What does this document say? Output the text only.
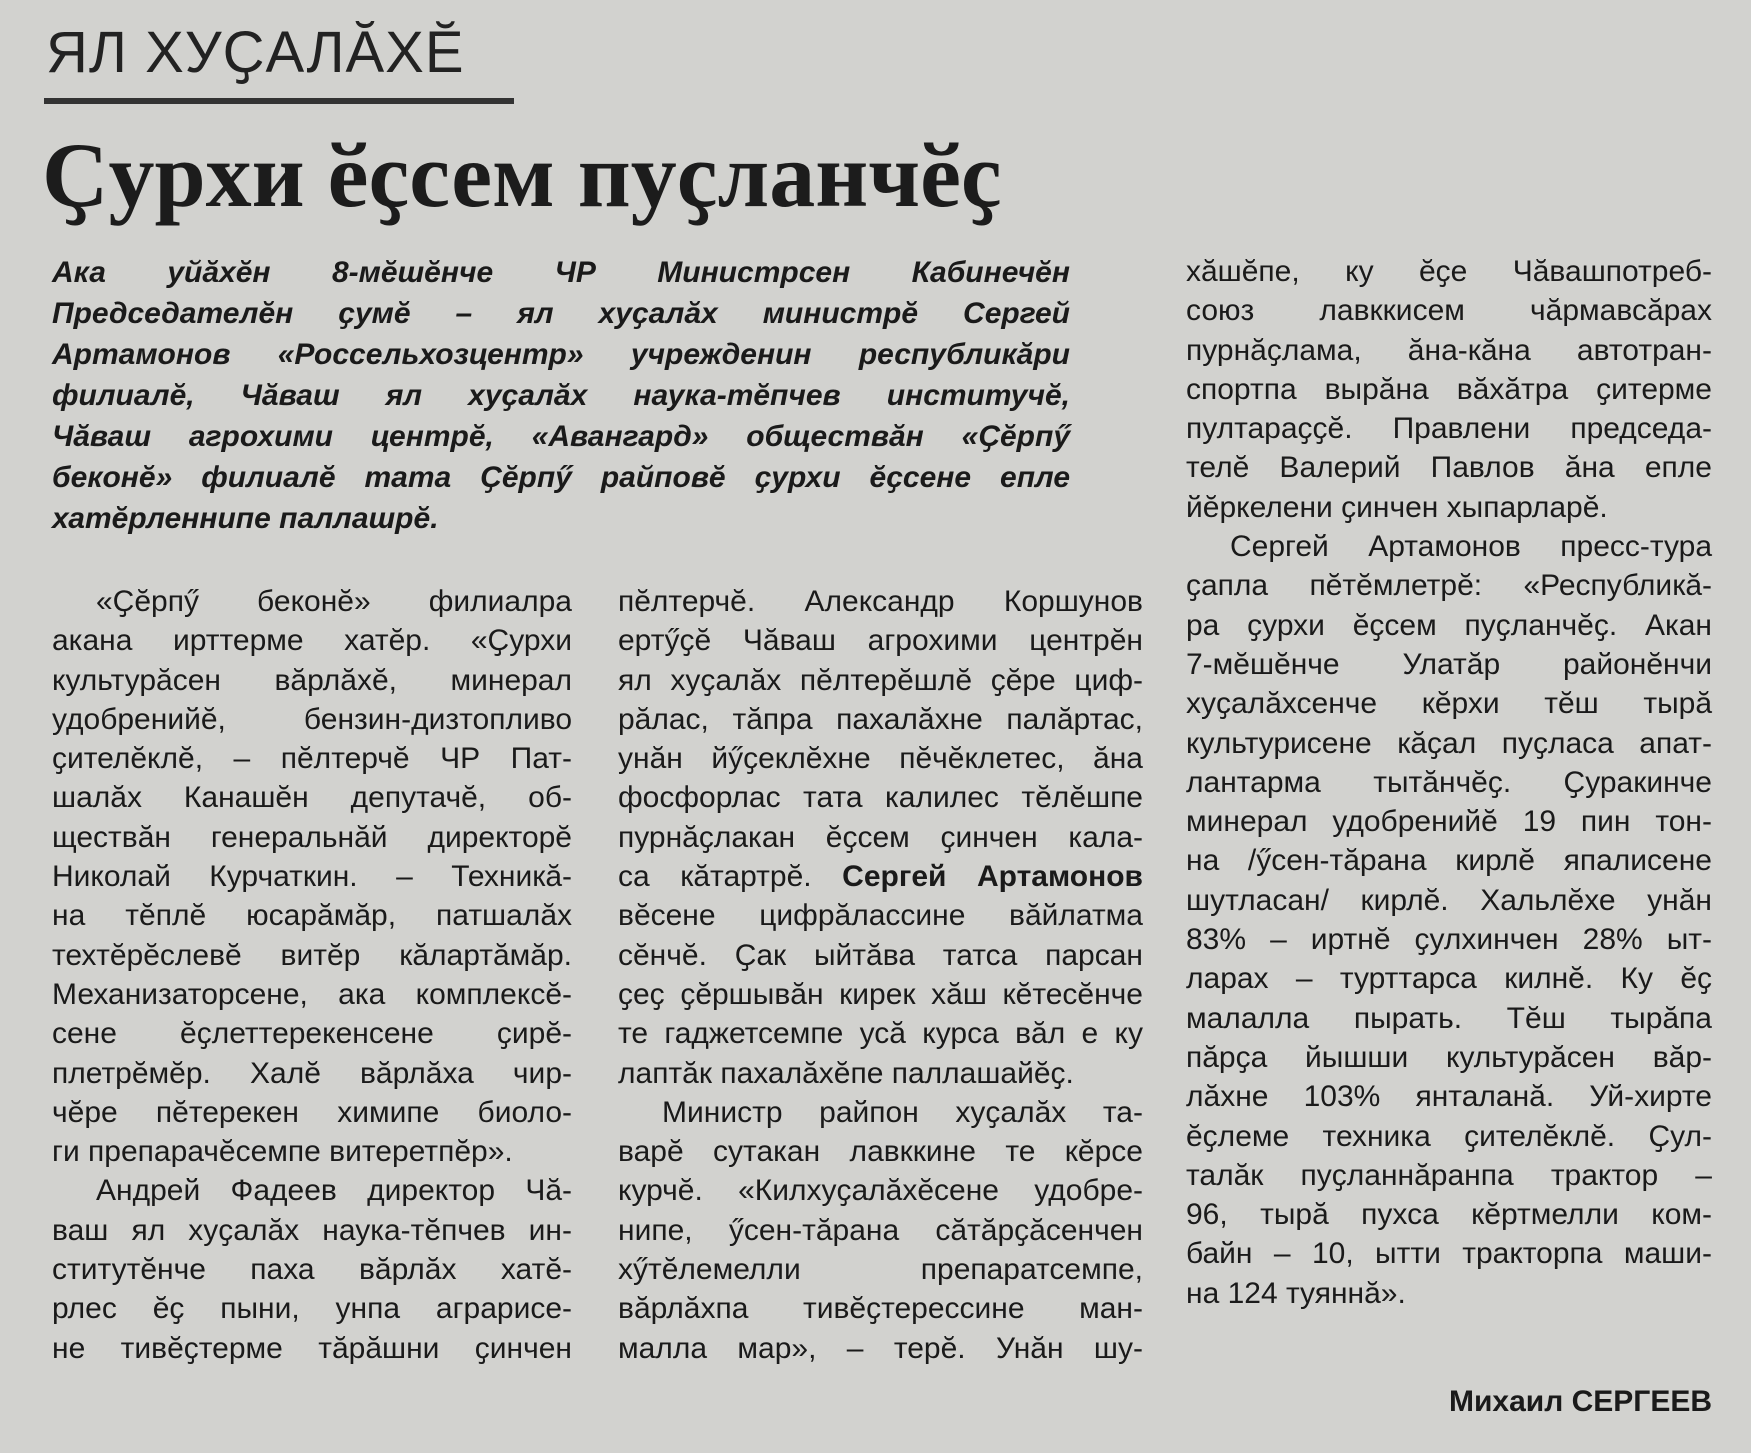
ЯЛ ХУҪАЛӐХӖ
Ҫурхи ӗҫсем пуҫланчӗҫ
Ака уйӑхӗн 8-мӗшӗнче ЧР Министрсен Кабинечӗн
Председателӗн ҫумӗ – ял хуҫалӑх министрӗ Сергей
Артамонов «Россельхозцентр» учрежденин республикӑри
филиалӗ, Чӑваш ял хуҫалӑх наука-тӗпчев институчӗ,
Чӑваш агрохими центрӗ, «Авангард» обществӑн «Ҫӗрпӳ
беконӗ» филиалӗ тата Ҫӗрпӳ райповӗ ҫурхи ӗҫсене епле
хатӗрленнипе паллашрӗ.
«Ҫӗрпӳ беконӗ» филиалра
акана ирттерме хатӗр. «Ҫурхи
культурӑсен вӑрлӑхӗ, минерал
удобренийӗ, бензин-дизтопливо
ҫителӗклӗ, – пӗлтерчӗ ЧР Пат-
шалӑх Канашӗн депутачӗ, об-
ществӑн генеральнӑй директорӗ
Николай Курчаткин. – Техникӑ-
на тӗплӗ юсарӑмӑр, патшалӑх
техтӗрӗслевӗ витӗр кӑлартӑмӑр.
Механизаторсене, ака комплексӗ-
сене ӗҫлеттерекенсене ҫирӗ-
плетрӗмӗр. Халӗ вӑрлӑха чир-
чӗре пӗтерекен химипе биоло-
ги препарачӗсемпе витеретпӗр».
Андрей Фадеев директор Чӑ-
ваш ял хуҫалӑх наука-тӗпчев ин-
ститутӗнче паха вӑрлӑх хатӗ-
рлес ӗҫ пыни, унпа аграрисе-
не тивӗҫтерме тӑрӑшни ҫинчен
пӗлтерчӗ. Александр Коршунов
ертӳҫӗ Чӑваш агрохими центрӗн
ял хуҫалӑх пӗлтерӗшлӗ ҫӗре циф-
рӑлас, тӑпра пахалӑхне палӑртас,
унӑн йӳҫеклӗхне пӗчӗклетес, ӑна
фосфорлас тата калилес тӗлӗшпе
пурнӑҫлакан ӗҫсем ҫинчен кала-
са кӑтартрӗ. Сергей Артамонов
вӗсене цифрӑлассине вӑйлатма
сӗнчӗ. Ҫак ыйтӑва татса парсан
ҫеҫ ҫӗршывӑн кирек хӑш кӗтесӗнче
те гаджетсемпе усӑ курса вӑл е ку
лаптӑк пахалӑхӗпе паллашайӗҫ.
Министр райпон хуҫалӑх та-
варӗ сутакан лавккине те кӗрсе
курчӗ. «Килхуҫалӑхӗсене удобре-
нипе, ӳсен-тӑрана сӑтӑрҫӑсенчен
хӳтӗлемелли препаратсемпе,
вӑрлӑхпа тивӗҫтерессине ман-
малла мар», – терӗ. Унӑн шу-
хӑшӗпе, ку ӗҫе Чӑвашпотреб-
союз лавккисем чӑрмавсӑрах
пурнӑҫлама, ӑна-кӑна автотран-
спортпа вырӑна вӑхӑтра ҫитерме
пултараҫҫӗ. Правлени председа-
телӗ Валерий Павлов ӑна епле
йӗркелени ҫинчен хыпарларӗ.
Сергей Артамонов пресс-тура
ҫапла пӗтӗмлетрӗ: «Республикӑ-
ра ҫурхи ӗҫсем пуҫланчӗҫ. Акан
7-мӗшӗнче Улатӑр районӗнчи
хуҫалӑхсенче кӗрхи тӗш тырӑ
культурисене кӑҫал пуҫласа апат-
лантарма тытӑнчӗҫ. Ҫуракинче
минерал удобренийӗ 19 пин тон-
на /ӳсен-тӑрана кирлӗ япалисене
шутласан/ кирлӗ. Хальлӗхе унӑн
83% – иртнӗ ҫулхинчен 28% ыт-
ларах – турттарса килнӗ. Ку ӗҫ
малалла пырать. Тӗш тырӑпа
пӑрҫа йышши культурӑсен вӑр-
лӑхне 103% янталанӑ. Уй-хирте
ӗҫлеме техника ҫителӗклӗ. Ҫул-
талӑк пуҫланнӑранпа трактор –
96, тырӑ пухса кӗртмелли ком-
байн – 10, ытти тракторпа маши-
на 124 туяннӑ».
Михаил СЕРГЕЕВ
